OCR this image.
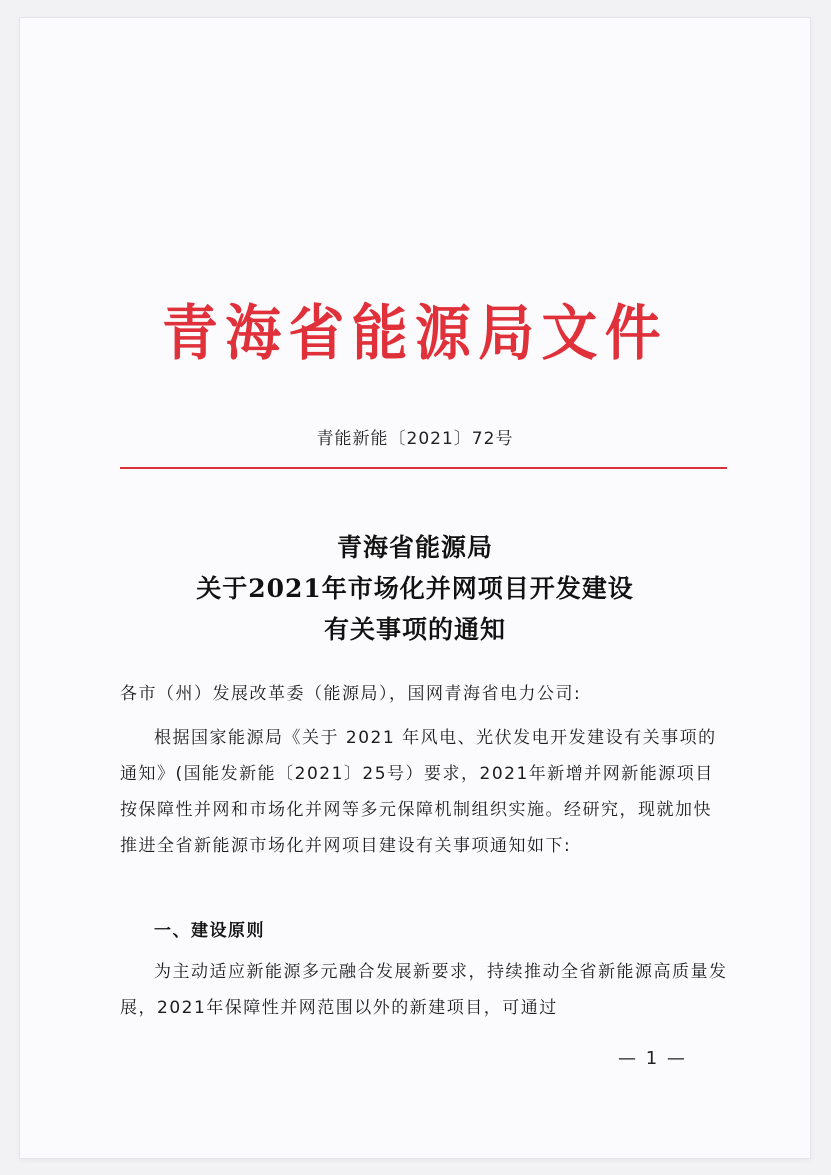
青海省能源局文件
青能新能〔2021〕72号
青海省能源局
关于2021年市场化并网项目开发建设
有关事项的通知
各市（州）发展改革委（能源局），国网青海省电力公司:
根据国家能源局《关于 2021 年风电、光伏发电开发建设有关事项的通知》(国能发新能〔2021〕25号）要求，2021年新增并网新能源项目按保障性并网和市场化并网等多元保障机制组织实施。经研究，现就加快推进全省新能源市场化并网项目建设有关事项通知如下:
一、建设原则
为主动适应新能源多元融合发展新要求，持续推动全省新能源高质量发展，2021年保障性并网范围以外的新建项目，可通过
— 1 —
